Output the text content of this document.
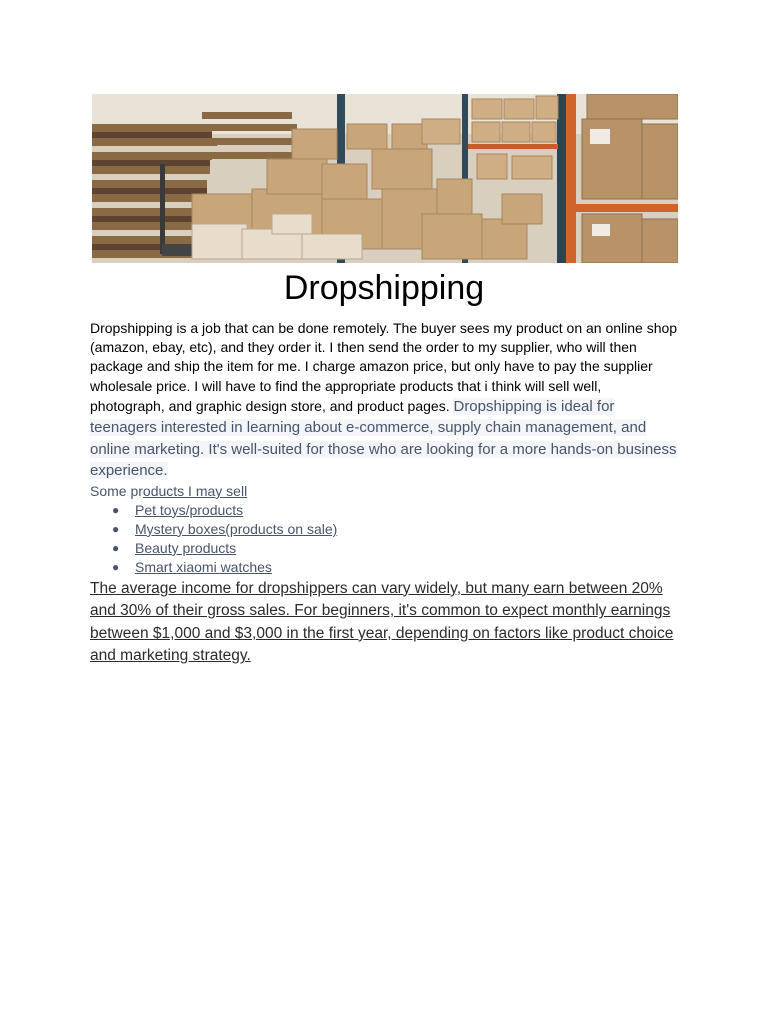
Dropshipping

Dropshipping is a job that can be done remotely. The buyer sees my product on an online shop (amazon, ebay, etc), and they order it. I then send the order to my supplier, who will then package and ship the item for me. I charge amazon price, but only have to pay the supplier wholesale price. I will have to find the appropriate products that i think will sell well, photograph, and graphic design store, and product pages. Dropshipping is ideal for teenagers interested in learning about e-commerce, supply chain management, and online marketing. It's well-suited for those who are looking for a more hands-on business experience.

Some products I may sell
● Pet toys/products
● Mystery boxes(products on sale)
● Beauty products
● Smart xiaomi watches

The average income for dropshippers can vary widely, but many earn between 20% and 30% of their gross sales. For beginners, it's common to expect monthly earnings between $1,000 and $3,000 in the first year, depending on factors like product choice and marketing strategy.
